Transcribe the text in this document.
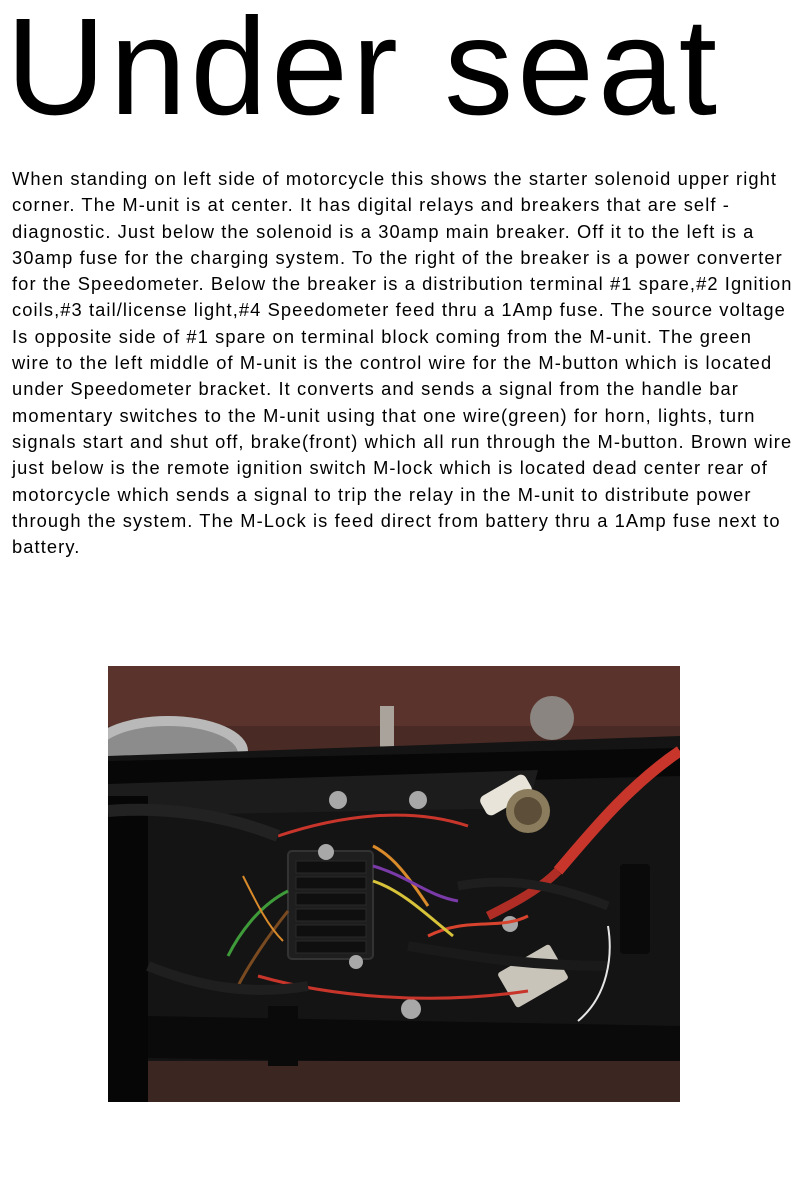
Under seat

When standing on left side of motorcycle this shows the starter solenoid upper right corner. The M-unit is at center. It has digital relays and breakers that are self - diagnostic. Just below the solenoid is a 30amp main breaker. Off it to the left is a 30amp fuse for the charging system. To the right of the breaker is a power converter for the Speedometer. Below the breaker is a distribution terminal #1 spare,#2 Ignition coils,#3 tail/license light,#4 Speedometer feed thru a 1Amp fuse. The source voltage Is opposite side of #1 spare on terminal block coming from the M-unit. The green wire to the left middle of M-unit is the control wire for the M-button which is located under Speedometer bracket. It converts and sends a signal from the handle bar momentary switches to the M-unit using that one wire(green) for horn, lights, turn signals start and shut off, brake(front) which all run through the M-button. Brown wire just below is the remote ignition switch M-lock which is located dead center rear of motorcycle which sends a signal to trip the relay in the M-unit to distribute power through the system. The M-Lock is feed direct from battery thru a 1Amp fuse next to battery.
